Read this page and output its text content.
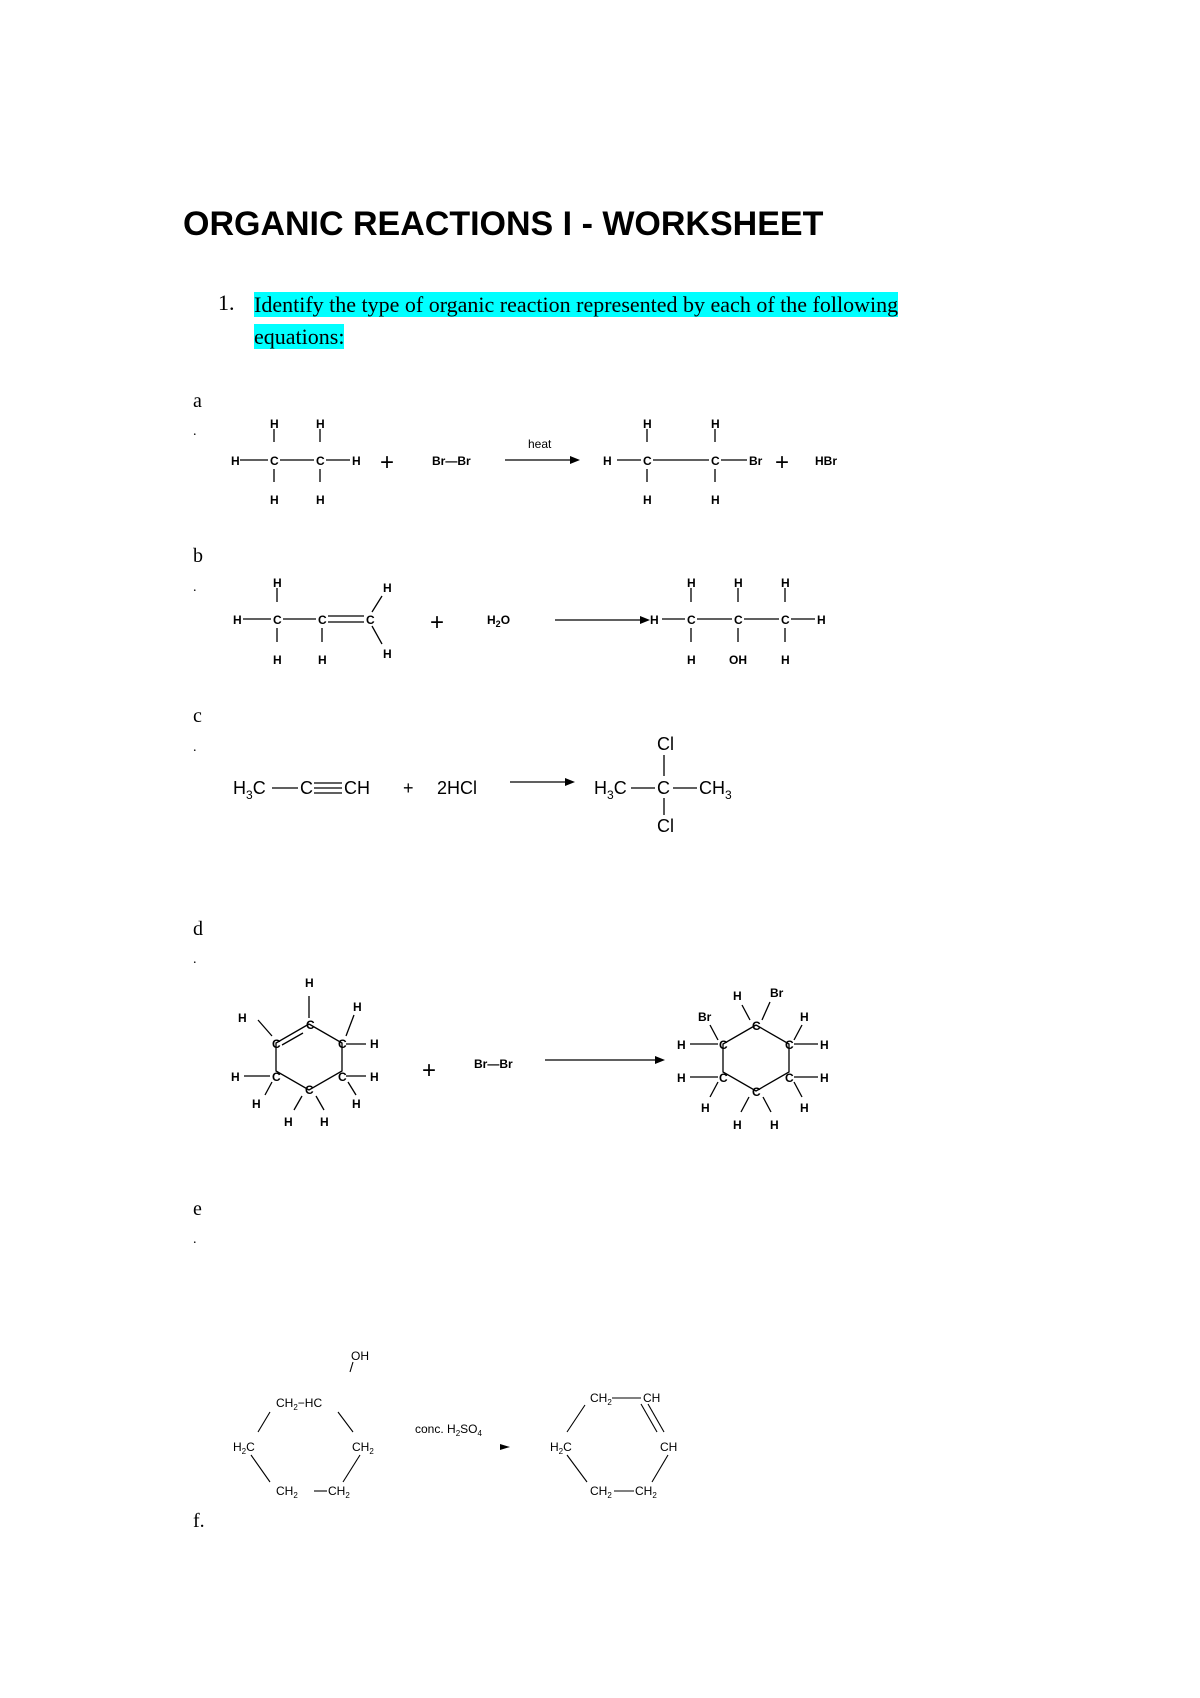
ORGANIC REACTIONS I - WORKSHEET
1. Identify the type of organic reaction represented by each of the following equations:
a
.
b
.
c
.
d
.
e
.
f.
H	H
H	C	C H
H	H
+	Br—Br
heat
H	H
H	C	C Br
H	H
+ HBr
H	H
H	C	C	C
H	H	H
+	$H_2O$	H
H	H	H
C	C	C H
H	OH	H
$H_3C$ C CH + 2HCl	$H_3C$
Cl
C $CH_3$
Cl
H
H
H
C
C	C H
H	C	C H
C
H	H
H H
+	Br—Br
H Br
Br	H
C
H	C	C H
H	C	C H
C
H	H
H H
OH
$CH_2-HC$
$H_2C$	$CH_2$
$CH_2$	$CH_2$
conc. $H_2SO_4$
$CH_2$	CH
$H_2C$	CH
$CH_2$ $CH_2$
